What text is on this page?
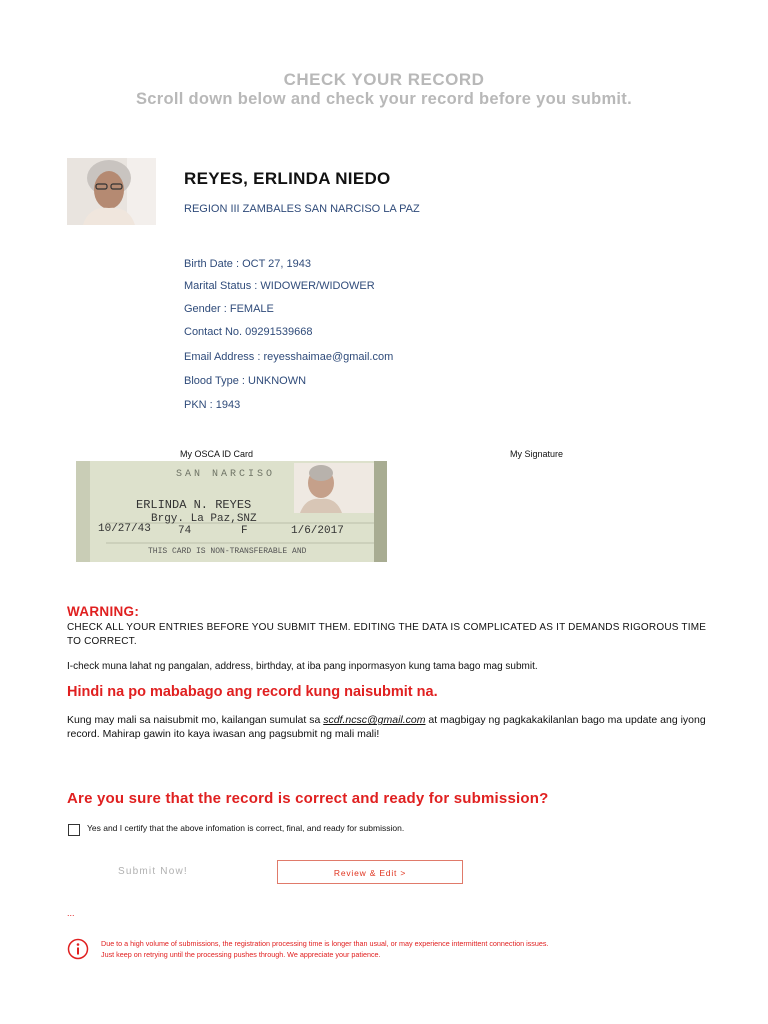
CHECK YOUR RECORD
Scroll down below and check your record before you submit.
REYES, ERLINDA NIEDO
REGION III ZAMBALES SAN NARCISO LA PAZ
Birth Date : OCT 27, 1943
Marital Status : WIDOWER/WIDOWER
Gender : FEMALE
Contact No. 09291539668
Email Address : reyesshaimae@gmail.com
Blood Type : UNKNOWN
PKN : 1943
My OSCA ID Card	My Signature
SAN NARCISO
ERLINDA N. REYES
Brgy. La Paz,SNZ
10/27/43 74	F	1/6/2017
THIS CARD IS NON-TRANSFERABLE AND
WARNING:
CHECK ALL YOUR ENTRIES BEFORE YOU SUBMIT THEM. EDITING THE DATA IS COMPLICATED AS IT DEMANDS RIGOROUS TIME TO CORRECT.
I-check muna lahat ng pangalan, address, birthday, at iba pang inpormasyon kung tama bago mag submit.
Hindi na po mababago ang record kung naisubmit na.
Kung may mali sa naisubmit mo, kailangan sumulat sa scdf.ncsc@gmail.com at magbigay ng pagkakakilanlan bago ma update ang iyong record. Mahirap gawin ito kaya iwasan ang pagsubmit ng mali mali!
Are you sure that the record is correct and ready for submission?
Yes and I certify that the above infomation is correct, final, and ready for submission.
Submit Now!	Review & Edit >
...
Due to a high volume of submissions, the registration processing time is longer than usual, or may experience intermittent connection issues.
Just keep on retrying until the processing pushes through. We appreciate your patience.
